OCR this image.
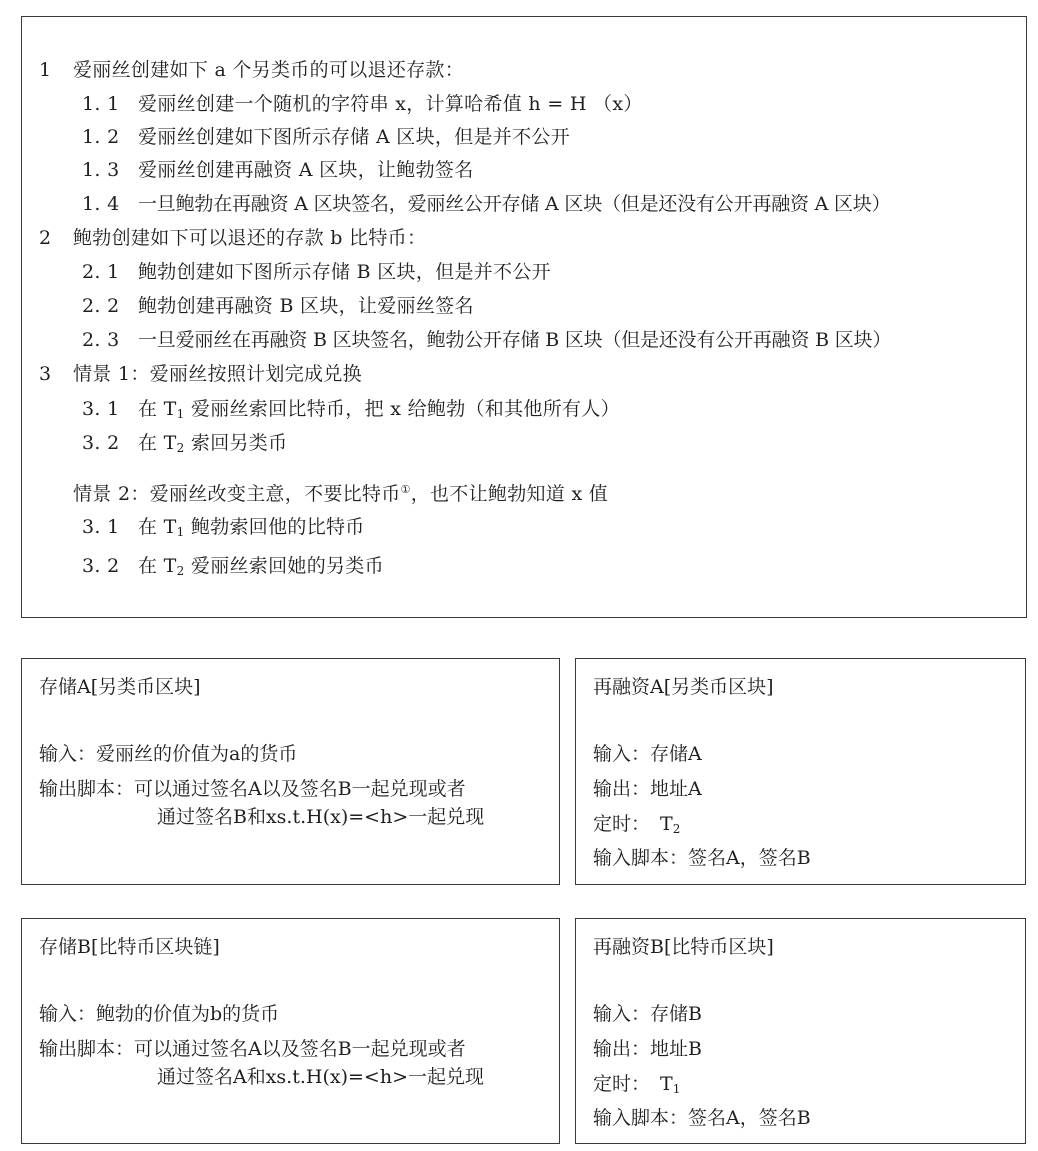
1 爱丽丝创建如下 a 个另类币的可以退还存款：
1. 1 爱丽丝创建一个随机的字符串 x，计算哈希值 h = H （x）
1. 2 爱丽丝创建如下图所示存储 A 区块，但是并不公开
1. 3 爱丽丝创建再融资 A 区块，让鲍勃签名
1. 4 一旦鲍勃在再融资 A 区块签名，爱丽丝公开存储 A 区块（但是还没有公开再融资 A 区块）
2 鲍勃创建如下可以退还的存款 b 比特币：
2. 1 鲍勃创建如下图所示存储 B 区块，但是并不公开
2. 2 鲍勃创建再融资 B 区块，让爱丽丝签名
2. 3 一旦爱丽丝在再融资 B 区块签名，鲍勃公开存储 B 区块（但是还没有公开再融资 B 区块）
3 情景 1：爱丽丝按照计划完成兑换
3. 1 在 $T_1$ 爱丽丝索回比特币，把 x 给鲍勃（和其他所有人）
3. 2 在 $T_2$ 索回另类币
情景 2：爱丽丝改变主意，不要比特币①，也不让鲍勃知道 x 值
3. 1 在 $T_1$ 鲍勃索回他的比特币
3. 2 在 $T_2$ 爱丽丝索回她的另类币
存储A[另类币区块]
输入：爱丽丝的价值为a的货币
输出脚本：可以通过签名A以及签名B一起兑现或者
通过签名B和xs.t.H(x)=<h>一起兑现
再融资A[另类币区块]
输入：存储A
输出：地址A
定时： $T_2$
输入脚本：签名A，签名B
存储B[比特币区块链]
输入：鲍勃的价值为b的货币
输出脚本：可以通过签名A以及签名B一起兑现或者
通过签名A和xs.t.H(x)=<h>一起兑现
再融资B[比特币区块]
输入：存储B
输出：地址B
定时： $T_1$
输入脚本：签名A，签名B
